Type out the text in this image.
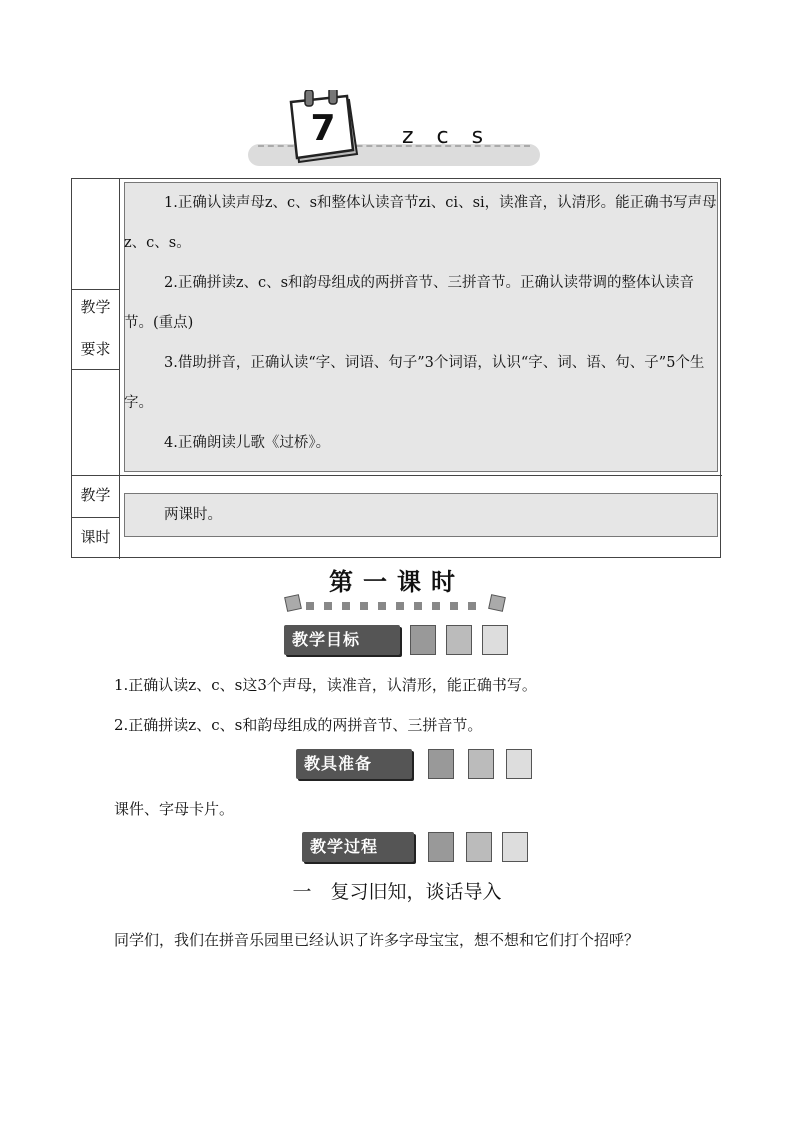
7	z c s
教学
要求
教学
课时

1.正确认读声母z、c、s和整体认读音节zi、ci、si，读准音，认清形。能正确书写声母z、c、s。

2.正确拼读z、c、s和韵母组成的两拼音节、三拼音节。正确认读带调的整体认读音节。(重点)

3.借助拼音，正确认读“字、词语、句子”3个词语，认识“字、词、语、句、子”5个生字。

4.正确朗读儿歌《过桥》。

两课时。

第一课时
教学目标
1.正确认读z、c、s这3个声母，读准音，认清形，能正确书写。
2.正确拼读z、c、s和韵母组成的两拼音节、三拼音节。
教具准备
课件、字母卡片。
教学过程
一　复习旧知，谈话导入
同学们，我们在拼音乐园里已经认识了许多字母宝宝，想不想和它们打个招呼？
